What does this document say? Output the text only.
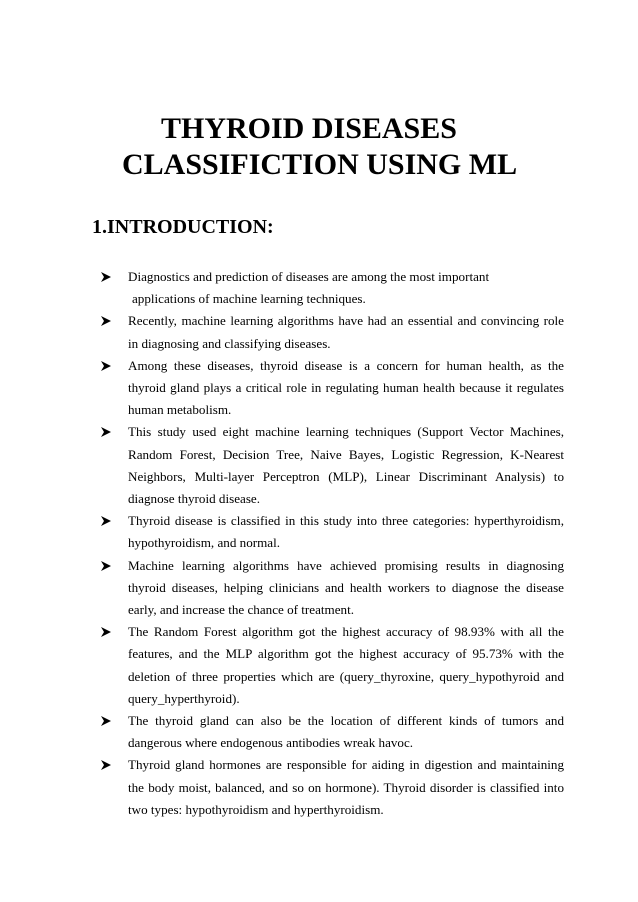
THYROID DISEASES
CLASSIFICTION USING ML
1.INTRODUCTION:
Diagnostics and prediction of diseases are among the most important
applications of machine learning techniques.
Recently, machine learning algorithms have had an essential and convincing role in diagnosing and classifying diseases.
Among these diseases, thyroid disease is a concern for human health, as the thyroid gland plays a critical role in regulating human health because it regulates human metabolism.
This study used eight machine learning techniques (Support Vector Machines, Random Forest, Decision Tree, Naive Bayes, Logistic Regression, K-Nearest Neighbors, Multi-layer Perceptron (MLP), Linear Discriminant Analysis) to diagnose thyroid disease.
Thyroid disease is classified in this study into three categories: hyperthyroidism, hypothyroidism, and normal.
Machine learning algorithms have achieved promising results in diagnosing thyroid diseases, helping clinicians and health workers to diagnose the disease early, and increase the chance of treatment.
The Random Forest algorithm got the highest accuracy of 98.93% with all the features, and the MLP algorithm got the highest accuracy of 95.73% with the deletion of three properties which are (query_thyroxine, query_hypothyroid and query_hyperthyroid).
The thyroid gland can also be the location of different kinds of tumors and dangerous where endogenous antibodies wreak havoc.
Thyroid gland hormones are responsible for aiding in digestion and maintaining the body moist, balanced, and so on hormone). Thyroid disorder is classified into two types: hypothyroidism and hyperthyroidism.
